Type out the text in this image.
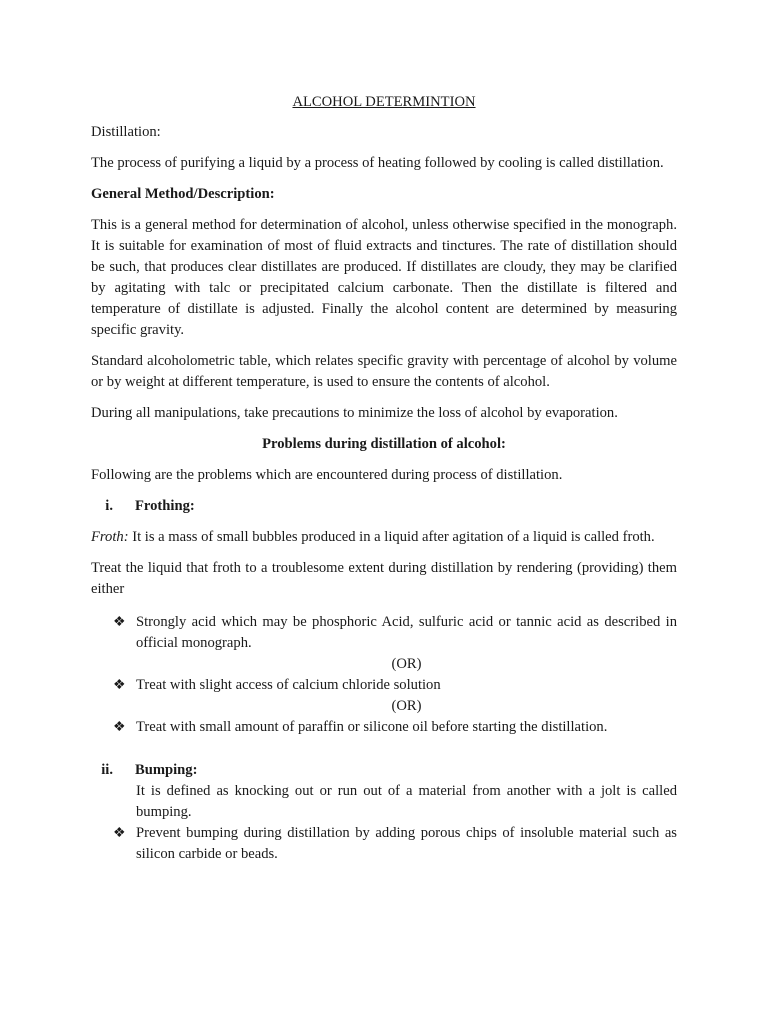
ALCOHOL DETERMINTION

Distillation:

The process of purifying a liquid by a process of heating followed by cooling is called distillation.

General Method/Description:

This is a general method for determination of alcohol, unless otherwise specified in the monograph. It is suitable for examination of most of fluid extracts and tinctures. The rate of distillation should be such, that produces clear distillates are produced. If distillates are cloudy, they may be clarified by agitating with talc or precipitated calcium carbonate. Then the distillate is filtered and temperature of distillate is adjusted. Finally the alcohol content are determined by measuring specific gravity.

Standard alcoholometric table, which relates specific gravity with percentage of alcohol by volume or by weight at different temperature, is used to ensure the contents of alcohol.

During all manipulations, take precautions to minimize the loss of alcohol by evaporation.

Problems during distillation of alcohol:

Following are the problems which are encountered during process of distillation.

i.	Frothing:

Froth: It is a mass of small bubbles produced in a liquid after agitation of a liquid is called froth.

Treat the liquid that froth to a troublesome extent during distillation by rendering (providing) them either

❖ Strongly acid which may be phosphoric Acid, sulfuric acid or tannic acid as described in official monograph.
(OR)
❖ Treat with slight access of calcium chloride solution
(OR)
❖ Treat with small amount of paraffin or silicone oil before starting the distillation.
ii.	Bumping:

It is defined as knocking out or run out of a material from another with a jolt is called bumping.

❖ Prevent bumping during distillation by adding porous chips of insoluble material such as silicon carbide or beads.
